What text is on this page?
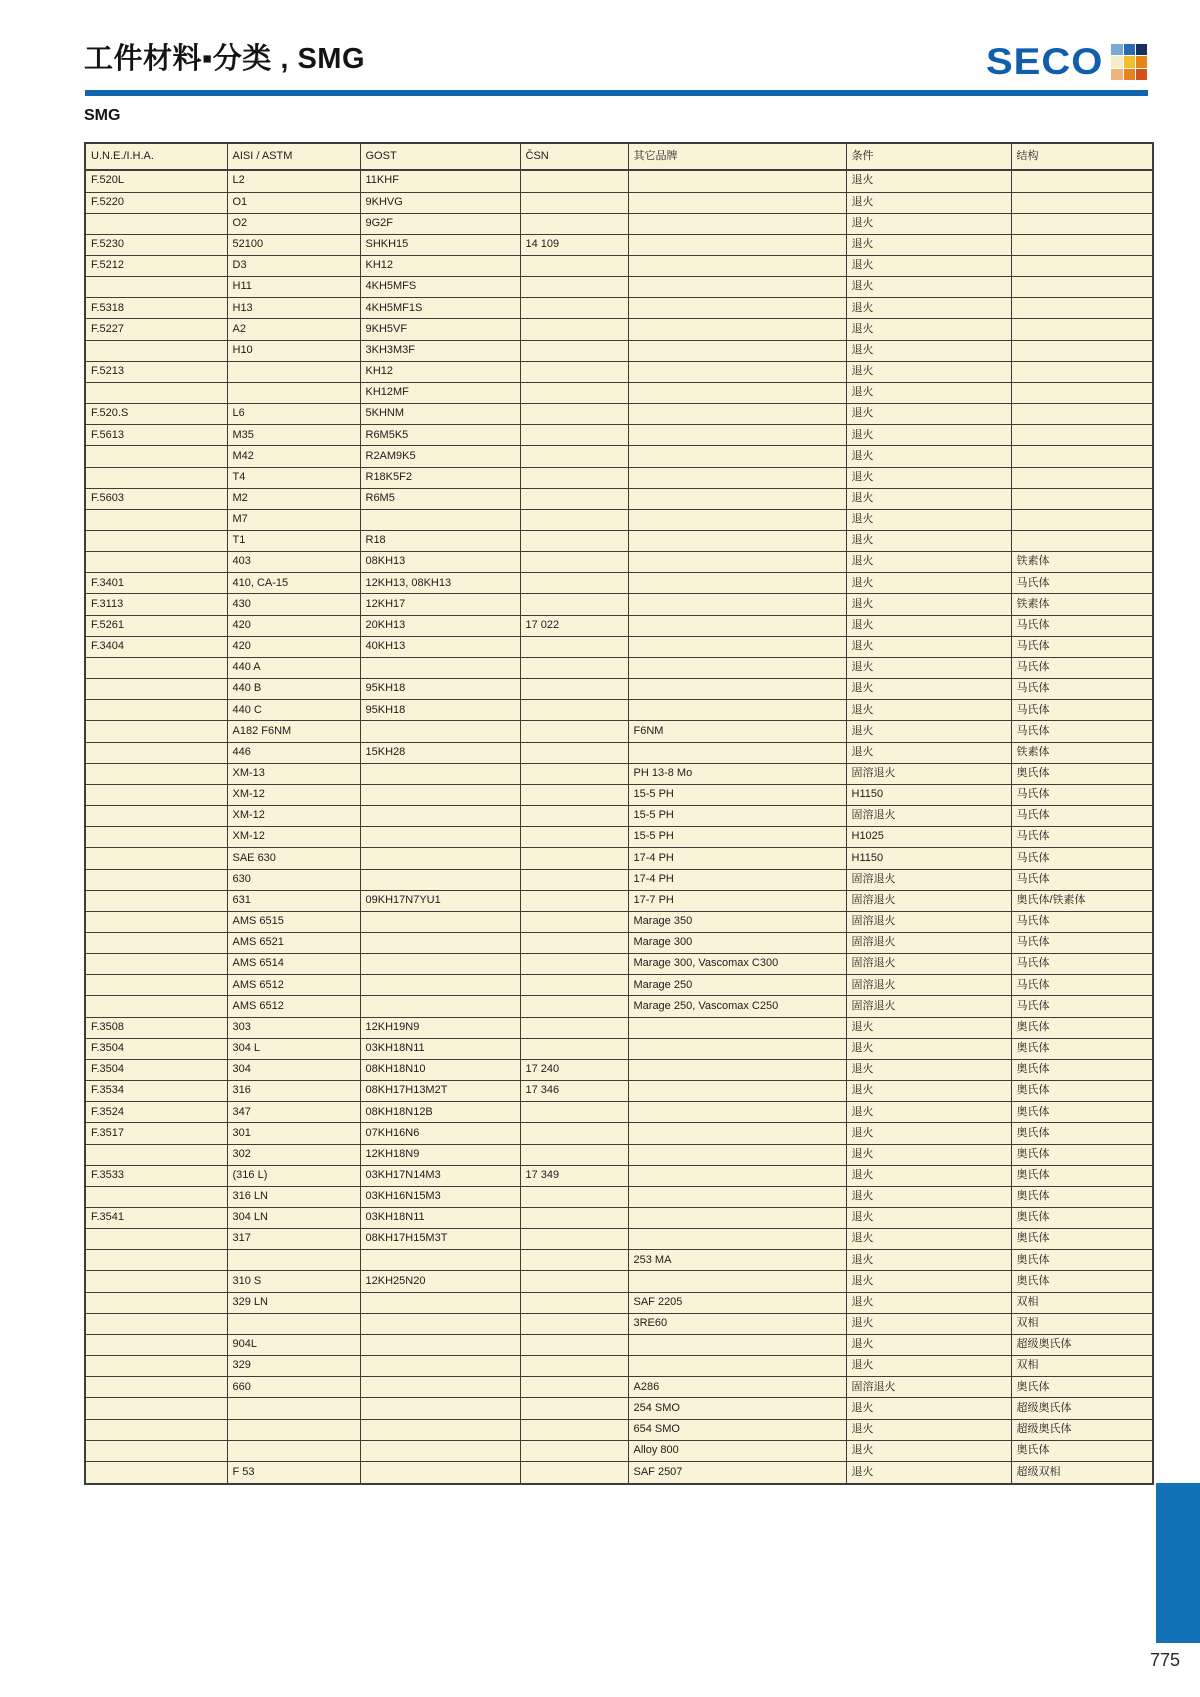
工件材料▪分类 , SMG	SECO
SMG
U.N.E./I.H.A.	AISI / ASTM	GOST	ČSN	其它品牌	条件	结构
F.520L	L2	11KHF			退火	
F.5220	O1	9KHVG			退火	
	O2	9G2F			退火	
F.5230	52100	SHKH15	14 109		退火	
F.5212	D3	KH12			退火	
	H11	4KH5MFS			退火	
F.5318	H13	4KH5MF1S			退火	
F.5227	A2	9KH5VF			退火	
	H10	3KH3M3F			退火	
F.5213		KH12			退火	
		KH12MF			退火	
F.520.S	L6	5KHNM			退火	
F.5613	M35	R6M5K5			退火	
	M42	R2AM9K5			退火	
	T4	R18K5F2			退火	
F.5603	M2	R6M5			退火	
	M7				退火	
	T1	R18			退火	
	403	08KH13			退火	铁素体
F.3401	410, CA-15	12KH13, 08KH13			退火	马氏体
F.3113	430	12KH17			退火	铁素体
F.5261	420	20KH13	17 022		退火	马氏体
F.3404	420	40KH13			退火	马氏体
	440 A				退火	马氏体
	440 B	95KH18			退火	马氏体
	440 C	95KH18			退火	马氏体
	A182 F6NM			F6NM	退火	马氏体
	446	15KH28			退火	铁素体
	XM-13			PH 13-8 Mo	固溶退火	奥氏体
	XM-12			15-5 PH	H1150	马氏体
	XM-12			15-5 PH	固溶退火	马氏体
	XM-12			15-5 PH	H1025	马氏体
	SAE 630			17-4 PH	H1150	马氏体
	630			17-4 PH	固溶退火	马氏体
	631	09KH17N7YU1		17-7 PH	固溶退火	奥氏体/铁素体
	AMS 6515			Marage 350	固溶退火	马氏体
	AMS 6521			Marage 300	固溶退火	马氏体
	AMS 6514			Marage 300, Vascomax C300	固溶退火	马氏体
	AMS 6512			Marage 250	固溶退火	马氏体
	AMS 6512			Marage 250, Vascomax C250	固溶退火	马氏体
F.3508	303	12KH19N9			退火	奥氏体
F.3504	304 L	03KH18N11			退火	奥氏体
F.3504	304	08KH18N10	17 240		退火	奥氏体
F.3534	316	08KH17H13M2T	17 346		退火	奥氏体
F.3524	347	08KH18N12B			退火	奥氏体
F.3517	301	07KH16N6			退火	奥氏体
	302	12KH18N9			退火	奥氏体
F.3533	(316 L)	03KH17N14M3	17 349		退火	奥氏体
	316 LN	03KH16N15M3			退火	奥氏体
F.3541	304 LN	03KH18N11			退火	奥氏体
	317	08KH17H15M3T			退火	奥氏体
				253 MA	退火	奥氏体
	310 S	12KH25N20			退火	奥氏体
	329 LN			SAF 2205	退火	双相
				3RE60	退火	双相
	904L				退火	超级奥氏体
	329				退火	双相
	660			A286	固溶退火	奥氏体
				254 SMO	退火	超级奥氏体
				654 SMO	退火	超级奥氏体
				Alloy 800	退火	奥氏体
	F 53			SAF 2507	退火	超级双相
775
